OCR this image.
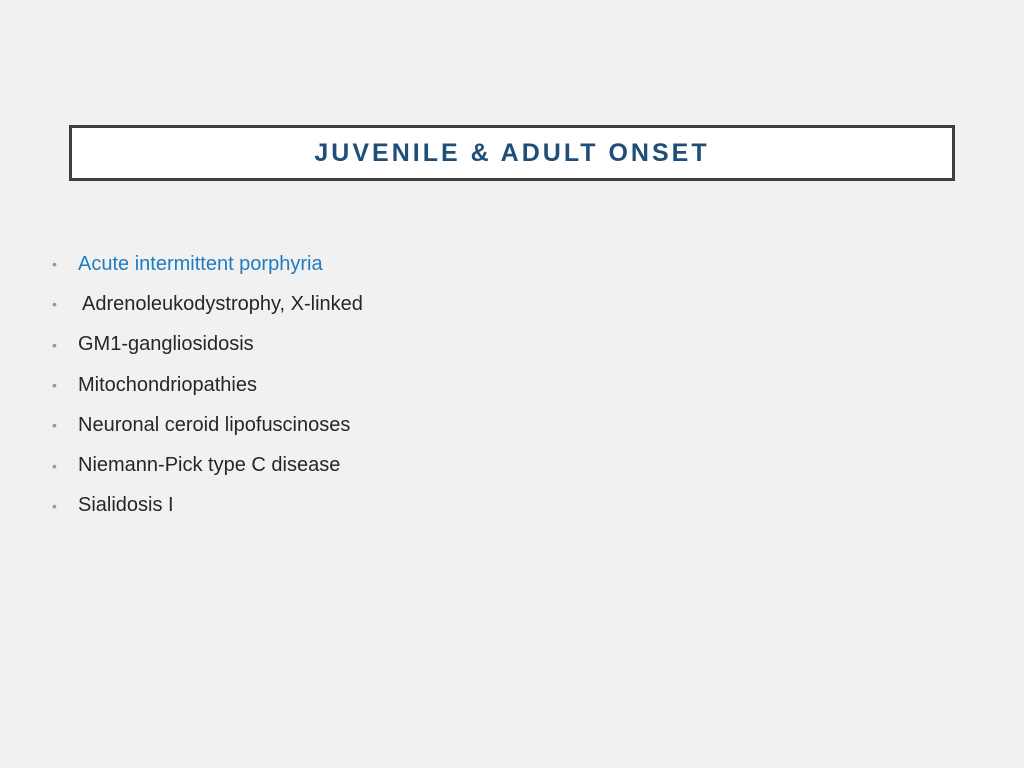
JUVENILE & ADULT ONSET
•	Acute intermittent porphyria
•	Adrenoleukodystrophy, X-linked
•	GM1-gangliosidosis
•	Mitochondriopathies
•	Neuronal ceroid lipofuscinoses
•	Niemann-Pick type C disease
•	Sialidosis I
